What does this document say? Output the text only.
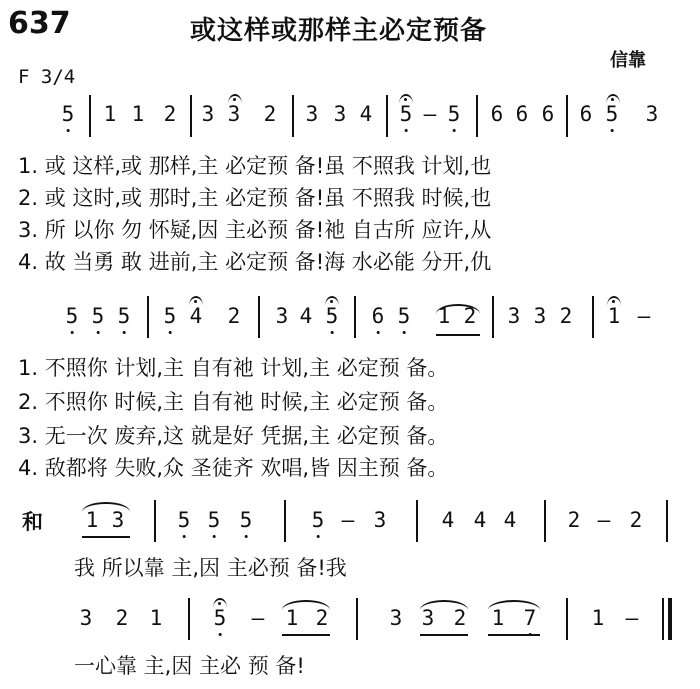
637	或这样或那样主必定预备
信靠
F 3/4
5 1 1 2 3 3 2 3 3 4 5 — 5 6 6 6 6 5 3
1. 或 这样,或 那样,主 必定预 备!虽 不照我 计划,也
2. 或 这时,或 那时,主 必定预 备!虽 不照我 时候,也
3. 所 以你 勿 怀疑,因 主必预 备!祂 自古所 应许,从
4. 故 当勇 敢 进前,主 必定预 备!海 水必能 分开,仇
5 5 5 5 4 2 3 4 5 6 5 1 2 3 3 2 1 —
1. 不照你 计划,主 自有祂 计划,主 必定预 备。
2. 不照你 时候,主 自有祂 时候,主 必定预 备。
3. 无一次 废弃,这 就是好 凭据,主 必定预 备。
4. 敌都将 失败,众 圣徒齐 欢唱,皆 因主预 备。
和 1 3	5 5 5	5 — 3	4 4 4 2 — 2
我 所以靠 主,因 主必预 备!我
3 2 1 5 — 1 2	3 3 2 1 7	1 —
一心靠 主,因 主必 预 备!
